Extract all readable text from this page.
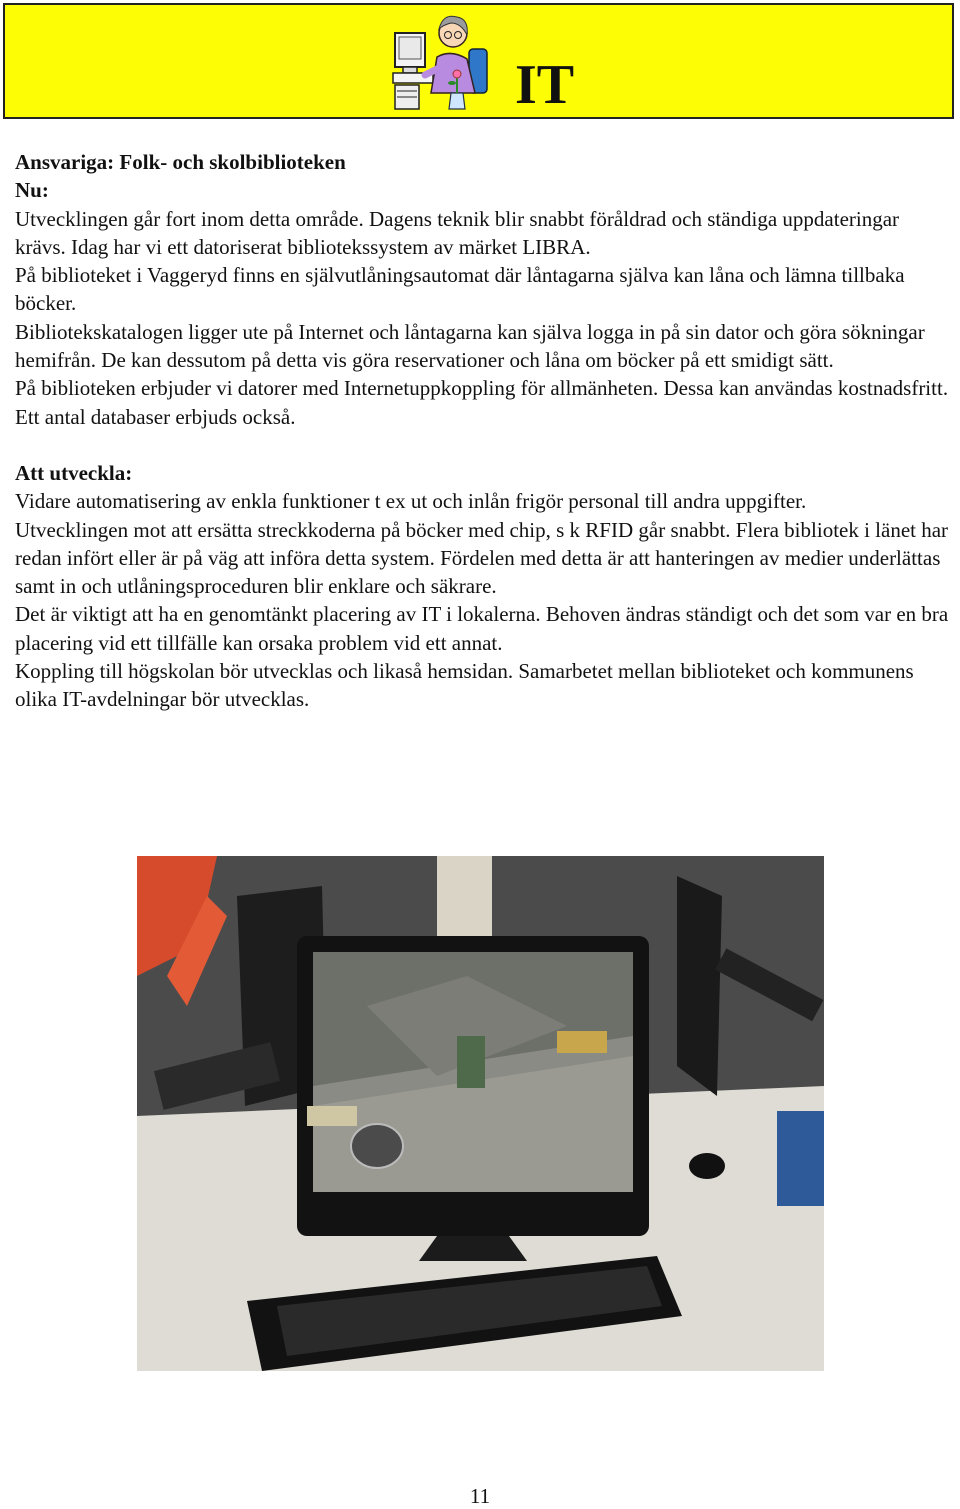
IT

Ansvariga: Folk- och skolbiblioteken

Nu:

Utvecklingen går fort inom detta område. Dagens teknik blir snabbt föråldrad och ständiga uppdateringar krävs. Idag har vi ett datoriserat bibliotekssystem av märket LIBRA.

På biblioteket i Vaggeryd finns en självutlåningsautomat där låntagarna själva kan låna och lämna tillbaka böcker.

Bibliotekskatalogen ligger ute på Internet och låntagarna kan själva logga in på sin dator och göra sökningar hemifrån. De kan dessutom på detta vis göra reservationer och låna om böcker på ett smidigt sätt.

På biblioteken erbjuder vi datorer med Internetuppkoppling för allmänheten. Dessa kan användas kostnadsfritt. Ett antal databaser erbjuds också.

Att utveckla:

Vidare automatisering av enkla funktioner t ex ut och inlån frigör personal till andra uppgifter.

Utvecklingen mot att ersätta streckkoderna på böcker med chip, s k RFID går snabbt. Flera bibliotek i länet har redan infört eller är på väg att införa detta system. Fördelen med detta är att hanteringen av medier underlättas samt in och utlåningsproceduren blir enklare och säkrare.

Det är viktigt att ha en genomtänkt placering av IT i lokalerna. Behoven ändras ständigt och det som var en bra placering vid ett tillfälle kan orsaka problem vid ett annat.

Koppling till högskolan bör utvecklas och likaså hemsidan. Samarbetet mellan biblioteket och kommunens olika IT-avdelningar bör utvecklas.

11
